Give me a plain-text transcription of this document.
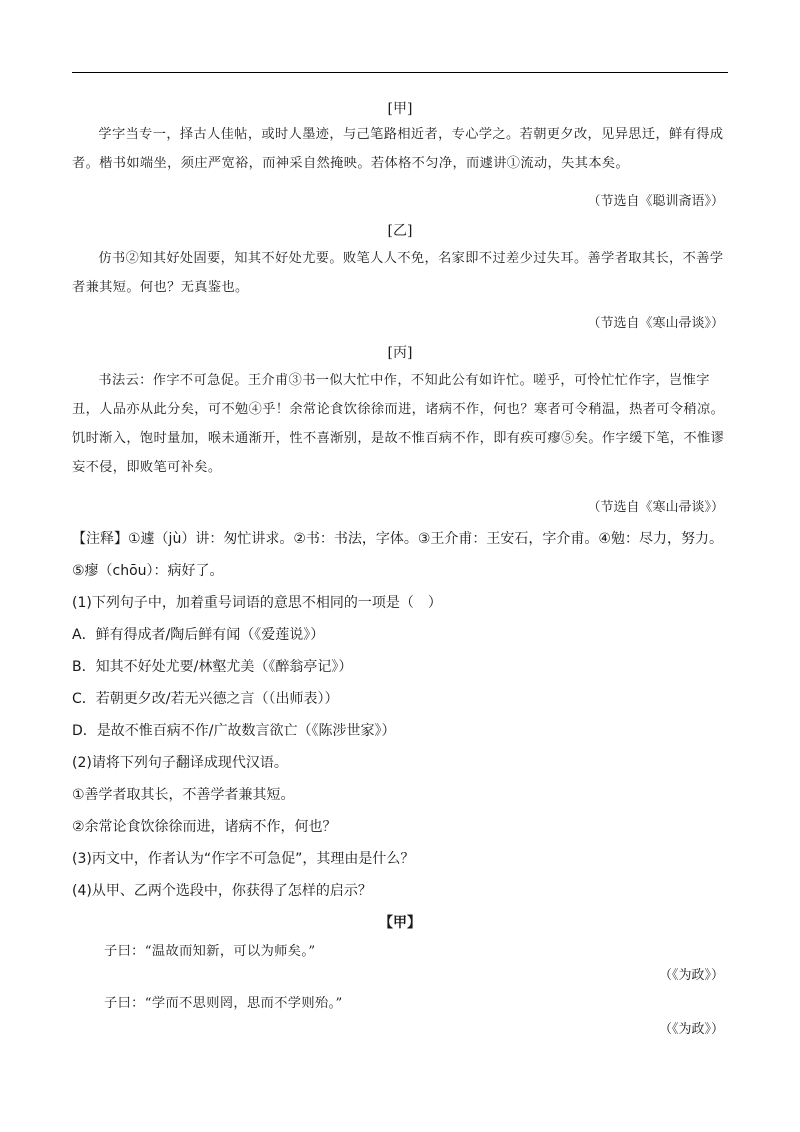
[甲]

学字当专一，择古人佳帖，或时人墨迹，与己笔路相近者，专心学之。若朝更夕改，见异思迁，鲜有得成者。楷书如端坐，须庄严宽裕，而神采自然掩映。若体格不匀净，而遽讲①流动，失其本矣。

（节选自《聪训斋语》）

[乙]

仿书②知其好处固要，知其不好处尤要。败笔人人不免，名家即不过差少过失耳。善学者取其长，不善学者兼其短。何也？无真鉴也。

（节选自《寒山帚谈》）

[丙]

书法云：作字不可急促。王介甫③书一似大忙中作，不知此公有如许忙。嗟乎，可怜忙忙作字，岂惟字丑，人品亦从此分矣，可不勉④乎！余常论食饮徐徐而进，诸病不作，何也？寒者可令稍温，热者可令稍凉。饥时渐入，饱时量加，喉未通渐开，性不喜渐别，是故不惟百病不作，即有疾可瘳⑤矣。作字缓下笔，不惟谬妄不侵，即败笔可补矣。

（节选自《寒山帚谈》）

【注释】①遽（jù）讲：匆忙讲求。②书：书法，字体。③王介甫：王安石，字介甫。④勉：尽力，努力。

⑤瘳（chōu）：病好了。

(1)下列句子中，加着重号词语的意思不相同的一项是（　）

A．鲜有得成者/陶后鲜有闻（《爱莲说》）

B．知其不好处尤要/林壑尤美（《醉翁亭记》）

C．若朝更夕改/若无兴德之言（（出师表））

D．是故不惟百病不作/广故数言欲亡（《陈涉世家》）

(2)请将下列句子翻译成现代汉语。

①善学者取其长，不善学者兼其短。

②余常论食饮徐徐而进，诸病不作，何也？

(3)丙文中，作者认为“作字不可急促”，其理由是什么？

(4)从甲、乙两个选段中，你获得了怎样的启示？

【甲】

子曰：“温故而知新，可以为师矣。”

（《为政》）

子曰：“学而不思则罔，思而不学则殆。”

（《为政》）
